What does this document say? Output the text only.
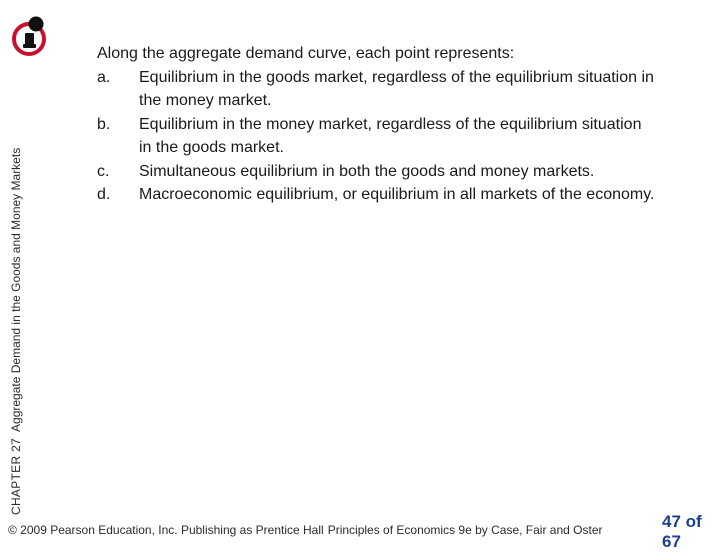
CHAPTER 27Aggregate Demand in the Goods and Money Markets

Along the aggregate demand curve, each point represents:

a.	Equilibrium in the goods market, regardless of the equilibrium situation in the money market.
b.	Equilibrium in the money market, regardless of the equilibrium situation in the goods market.
c.	Simultaneous equilibrium in both the goods and money markets.
d.	Macroeconomic equilibrium, or equilibrium in all markets of the economy.
© 2009 Pearson Education, Inc. Publishing as Prentice Hall Principles of Economics 9e by Case, Fair and Oster	47 of 67
